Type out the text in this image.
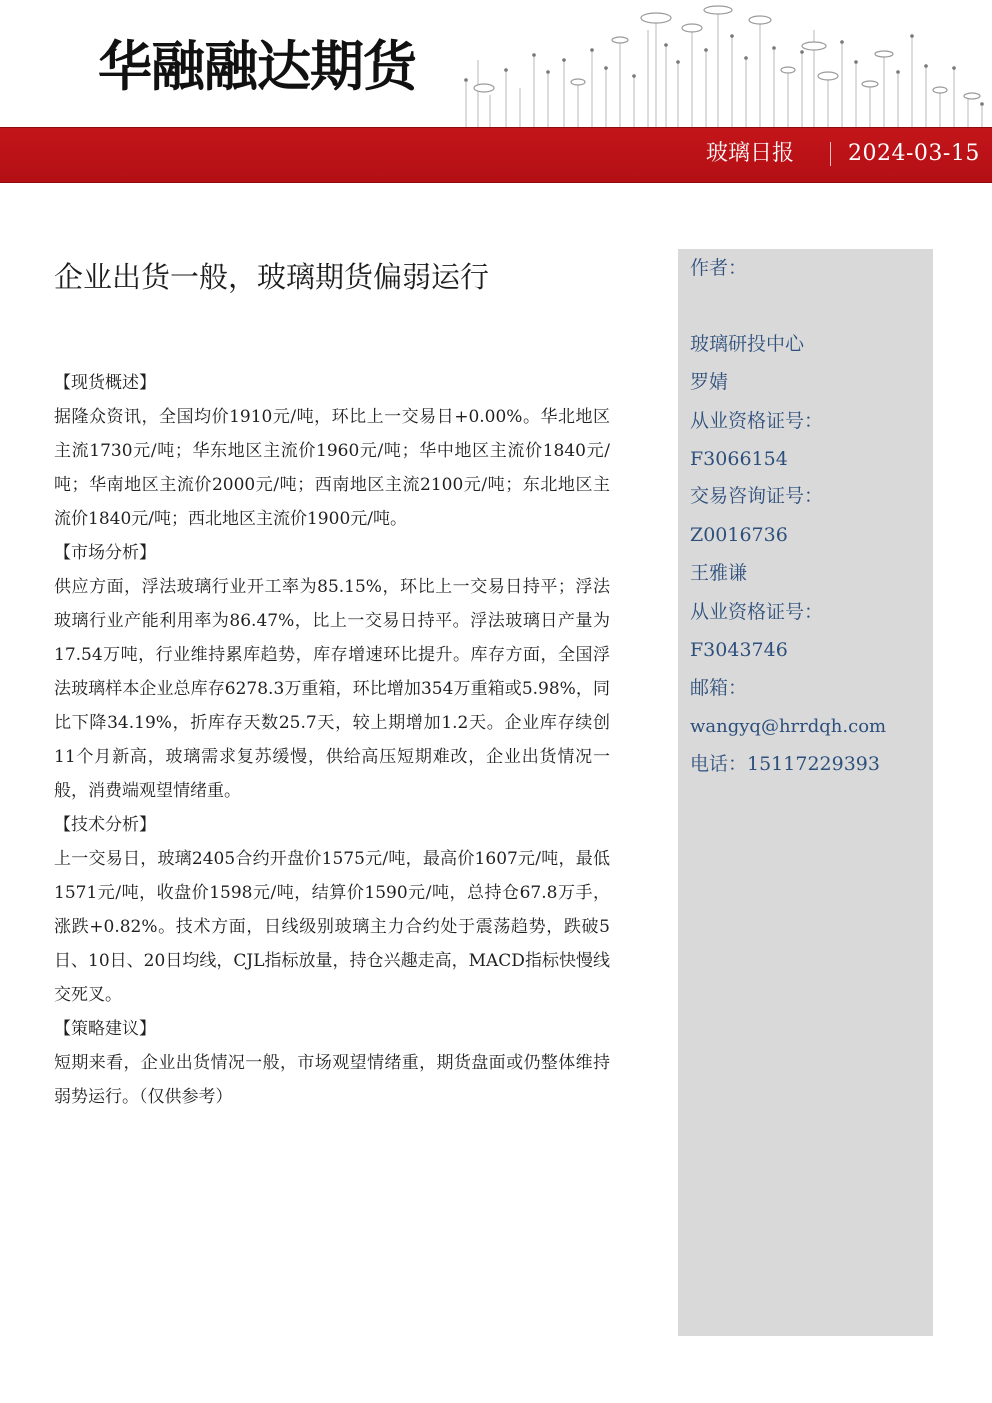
华融融达期货
玻璃日报 2024-03-15
企业出货一般，玻璃期货偏弱运行
【现货概述】

据隆众资讯，全国均价1910元/吨，环比上一交易日+0.00%。华北地区主流1730元/吨；华东地区主流价1960元/吨；华中地区主流价1840元/吨；华南地区主流价2000元/吨；西南地区主流2100元/吨；东北地区主流价1840元/吨；西北地区主流价1900元/吨。

【市场分析】

供应方面，浮法玻璃行业开工率为85.15%，环比上一交易日持平；浮法玻璃行业产能利用率为86.47%，比上一交易日持平。浮法玻璃日产量为17.54万吨，行业维持累库趋势，库存增速环比提升。库存方面，全国浮法玻璃样本企业总库存6278.3万重箱，环比增加354万重箱或5.98%，同比下降34.19%，折库存天数25.7天，较上期增加1.2天。企业库存续创11个月新高，玻璃需求复苏缓慢，供给高压短期难改，企业出货情况一般，消费端观望情绪重。

【技术分析】

上一交易日，玻璃2405合约开盘价1575元/吨，最高价1607元/吨，最低1571元/吨，收盘价1598元/吨，结算价1590元/吨，总持仓67.8万手，涨跌+0.82%。技术方面，日线级别玻璃主力合约处于震荡趋势，跌破5日、10日、20日均线，CJL指标放量，持仓兴趣走高，MACD指标快慢线交死叉。

【策略建议】

短期来看，企业出货情况一般，市场观望情绪重，期货盘面或仍整体维持弱势运行。（仅供参考）

作者：
玻璃研投中心
罗婧
从业资格证号：
F3066154
交易咨询证号：
Z0016736
王雅谦
从业资格证号：
F3043746
邮箱：
wangyq@hrrdqh.com
电话：15117229393
